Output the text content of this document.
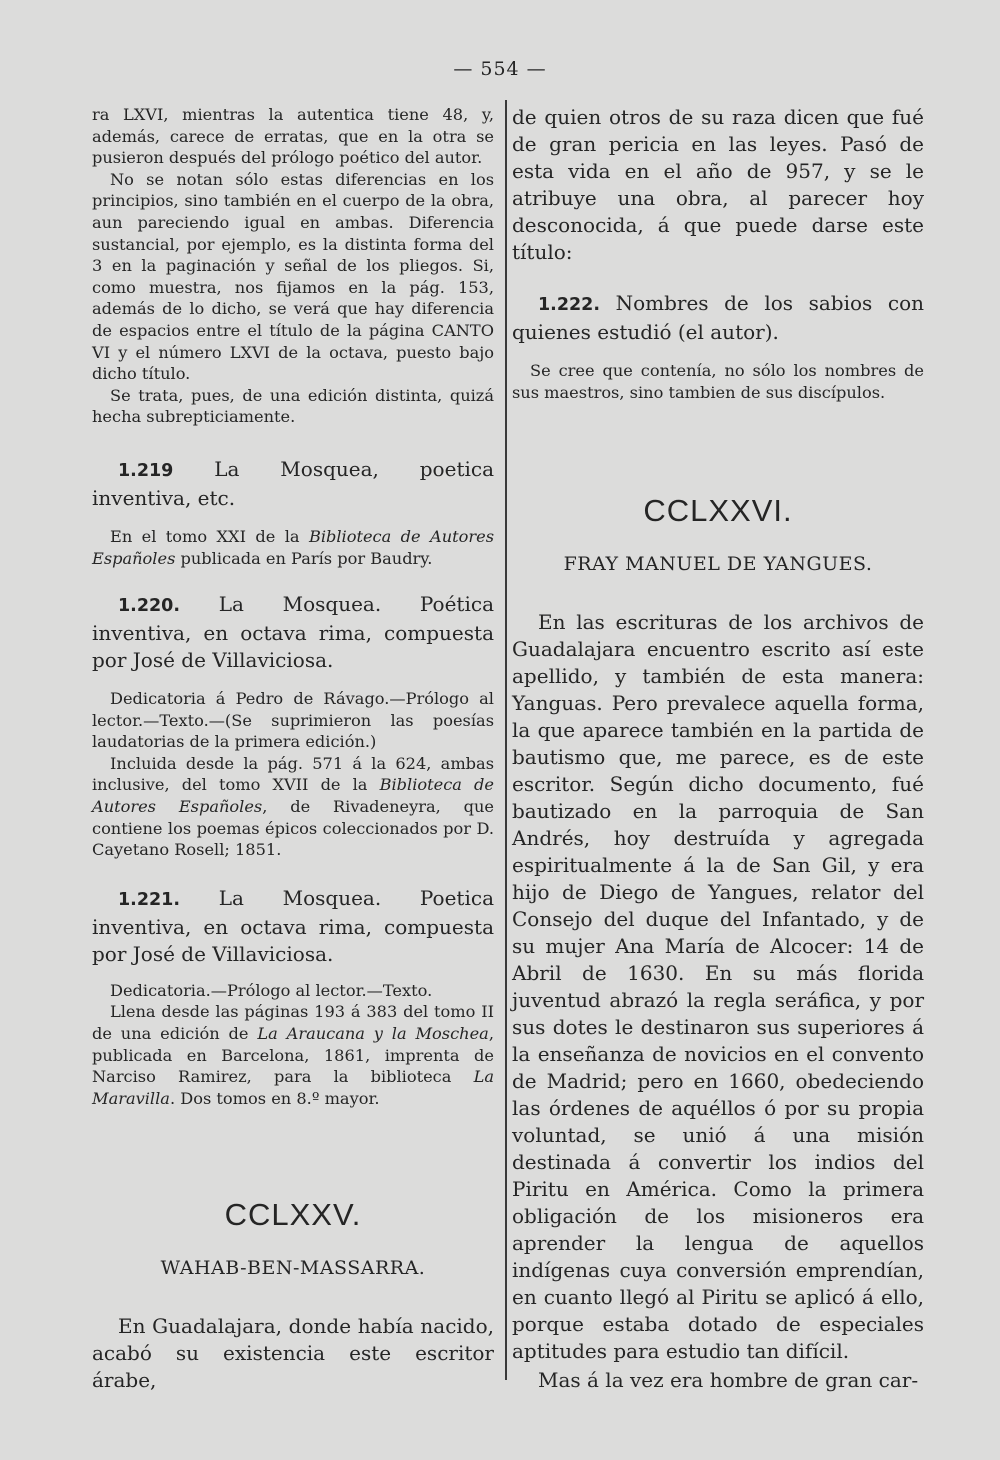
— 554 —

ra LXVI, mientras la autentica tiene 48, y, además, carece de erratas, que en la otra se pusieron después del prólogo poético del autor.

No se notan sólo estas diferencias en los principios, sino también en el cuerpo de la obra, aun pareciendo igual en ambas. Diferencia sustancial, por ejemplo, es la distinta forma del 3 en la paginación y señal de los pliegos. Si, como muestra, nos fijamos en la pág. 153, además de lo dicho, se verá que hay diferencia de espacios entre el título de la página CANTO VI y el número LXVI de la octava, puesto bajo dicho título.

Se trata, pues, de una edición distinta, quizá hecha subrepticiamente.

1.219 La Mosquea, poetica inventiva, etc.

En el tomo XXI de la Biblioteca de Autores Españoles publicada en París por Baudry.

1.220. La Mosquea. Poética inventiva, en octava rima, compuesta por José de Villaviciosa.

Dedicatoria á Pedro de Rávago.—Prólogo al lector.—Texto.—(Se suprimieron las poesías laudatorias de la primera edición.)

Incluida desde la pág. 571 á la 624, ambas inclusive, del tomo XVII de la Biblioteca de Autores Españoles, de Rivadeneyra, que contiene los poemas épicos coleccionados por D. Cayetano Rosell; 1851.

1.221. La Mosquea. Poetica inventiva, en octava rima, compuesta por José de Villaviciosa.

Dedicatoria.—Prólogo al lector.—Texto.

Llena desde las páginas 193 á 383 del tomo II de una edición de La Araucana y la Moschea, publicada en Barcelona, 1861, imprenta de Narciso Ramirez, para la biblioteca La Maravilla. Dos tomos en 8.º mayor.

CCLXXV.
WAHAB-BEN-MASSARRA.

En Guadalajara, donde había nacido, acabó su existencia este escritor árabe,

de quien otros de su raza dicen que fué de gran pericia en las leyes. Pasó de esta vida en el año de 957, y se le atribuye una obra, al parecer hoy desconocida, á que puede darse este título:

1.222. Nombres de los sabios con quienes estudió (el autor).

Se cree que contenía, no sólo los nombres de sus maestros, sino tambien de sus discípulos.

CCLXXVI.
FRAY MANUEL DE YANGUES.

En las escrituras de los archivos de Guadalajara encuentro escrito así este apellido, y también de esta manera: Yanguas. Pero prevalece aquella forma, la que aparece también en la partida de bautismo que, me parece, es de este escritor. Según dicho documento, fué bautizado en la parroquia de San Andrés, hoy destruída y agregada espiritualmente á la de San Gil, y era hijo de Diego de Yangues, relator del Consejo del duque del Infantado, y de su mujer Ana María de Alcocer: 14 de Abril de 1630. En su más florida juventud abrazó la regla seráfica, y por sus dotes le destinaron sus superiores á la enseñanza de novicios en el convento de Madrid; pero en 1660, obedeciendo las órdenes de aquéllos ó por su propia voluntad, se unió á una misión destinada á convertir los indios del Piritu en América. Como la primera obligación de los misioneros era aprender la lengua de aquellos indígenas cuya conversión emprendían, en cuanto llegó al Piritu se aplicó á ello, porque estaba dotado de especiales aptitudes para estudio tan difícil.

Mas á la vez era hombre de gran car-
